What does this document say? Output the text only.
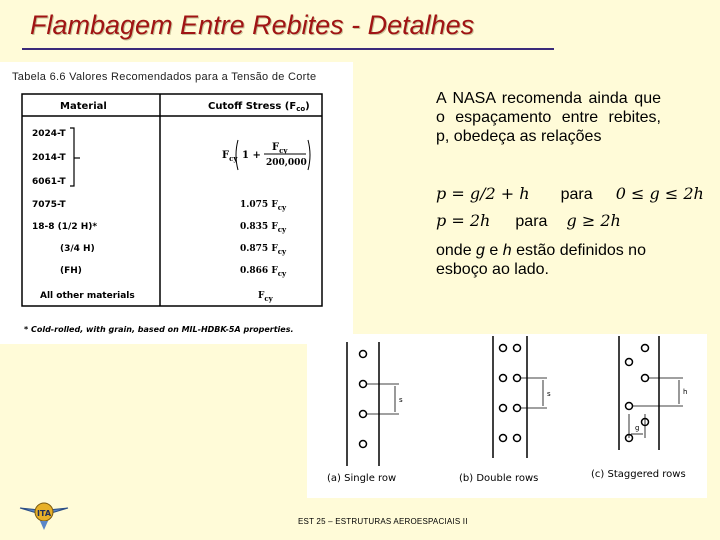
Flambagem Entre Rebites - Detalhes
Tabela 6.6 Valores Recomendados para a Tensão de Corte
Material	Cutoff Stress $(F_{co})$
2024-T
2014-T
6061-T
7075-T
18-8 (1/2 H)*
(3/4 H)
(FH)
All other materials
$F_{cy}$ 1 +
$F_{cy}$
200,000
1.075 $F_{cy}$
0.835 $F_{cy}$
0.875 $F_{cy}$
0.866 $F_{cy}$
$F_{cy}$
* Cold-rolled, with grain, based on MIL-HDBK-5A properties.
A NASA recomenda ainda que o espaçamento entre rebites, p, obedeça as relações
p = g/2 + h para 0 ≤ g ≤ 2h
p = 2h para g ≥ 2h
onde g e h estão definidos no esboço ao lado.
s
(a) Single row
s
(b) Double rows
h
g
(c) Staggered rows
ITA
EST 25 – ESTRUTURAS AEROESPACIAIS II
